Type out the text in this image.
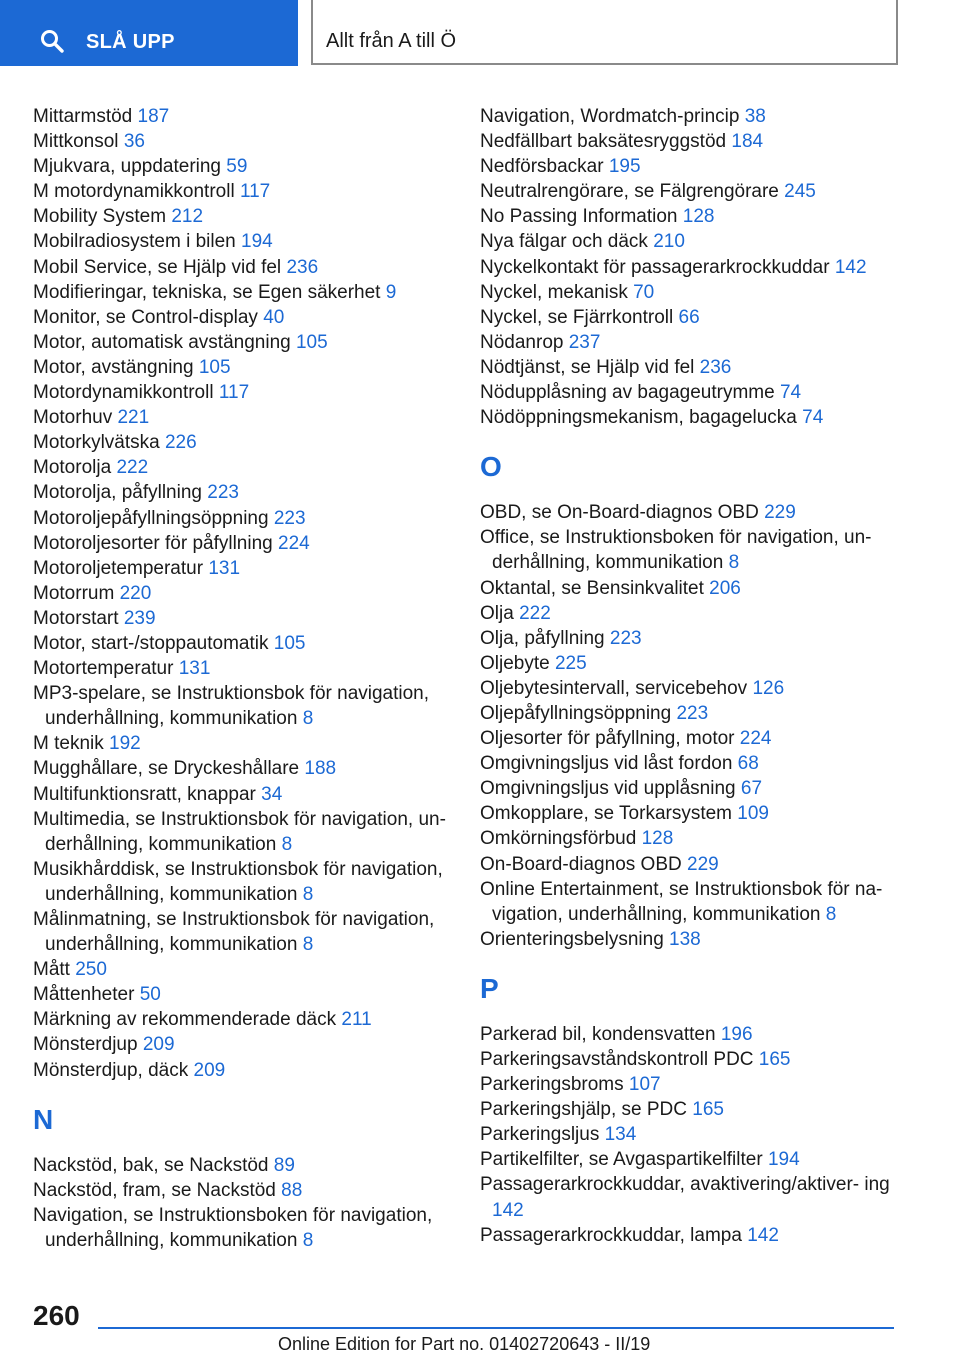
SLÅ UPP	Allt från A till Ö

Mittarmstöd 187

Mittkonsol 36

Mjukvara, uppdatering 59

M motordynamikkontroll 117

Mobility System 212

Mobilradiosystem i bilen 194

Mobil Service, se Hjälp vid fel 236

Modifieringar, tekniska, se Egen säkerhet 9

Monitor, se Control-display 40

Motor, automatisk avstängning 105

Motor, avstängning 105

Motordynamikkontroll 117

Motorhuv 221

Motorkylvätska 226

Motorolja 222

Motorolja, påfyllning 223

Motoroljepåfyllningsöppning 223

Motoroljesorter för påfyllning 224

Motoroljetemperatur 131

Motorrum 220

Motorstart 239

Motor, start-/stoppautomatik 105

Motortemperatur 131

MP3-spelare, se Instruktionsbok för navigation, underhållning, kommunikation 8

M teknik 192

Mugghållare, se Dryckeshållare 188

Multifunktionsratt, knappar 34

Multimedia, se Instruktionsbok för navigation, un- derhållning, kommunikation 8

Musikhårddisk, se Instruktionsbok för navigation, underhållning, kommunikation 8

Målinmatning, se Instruktionsbok för navigation, underhållning, kommunikation 8

Mått 250

Måttenheter 50

Märkning av rekommenderade däck 211

Mönsterdjup 209

Mönsterdjup, däck 209

N

Nackstöd, bak, se Nackstöd 89

Nackstöd, fram, se Nackstöd 88

Navigation, se Instruktionsboken för navigation, underhållning, kommunikation 8

Navigation, Wordmatch-princip 38

Nedfällbart baksätesryggstöd 184

Nedförsbackar 195

Neutralrengörare, se Fälgrengörare 245

No Passing Information 128

Nya fälgar och däck 210

Nyckelkontakt för passagerarkrockkuddar 142

Nyckel, mekanisk 70

Nyckel, se Fjärrkontroll 66

Nödanrop 237

Nödtjänst, se Hjälp vid fel 236

Nödupplåsning av bagageutrymme 74

Nödöppningsmekanism, bagagelucka 74

O

OBD, se On-Board-diagnos OBD 229

Office, se Instruktionsboken för navigation, un- derhållning, kommunikation 8

Oktantal, se Bensinkvalitet 206

Olja 222

Olja, påfyllning 223

Oljebyte 225

Oljebytesintervall, servicebehov 126

Oljepåfyllningsöppning 223

Oljesorter för påfyllning, motor 224

Omgivningsljus vid låst fordon 68

Omgivningsljus vid upplåsning 67

Omkopplare, se Torkarsystem 109

Omkörningsförbud 128

On-Board-diagnos OBD 229

Online Entertainment, se Instruktionsbok för na- vigation, underhållning, kommunikation 8

Orienteringsbelysning 138

P

Parkerad bil, kondensvatten 196

Parkeringsavståndskontroll PDC 165

Parkeringsbroms 107

Parkeringshjälp, se PDC 165

Parkeringsljus 134

Partikelfilter, se Avgaspartikelfilter 194

Passagerarkrockkuddar, avaktivering/aktiver- ing 142

Passagerarkrockkuddar, lampa 142

260
Online Edition for Part no. 01402720643 - II/19
